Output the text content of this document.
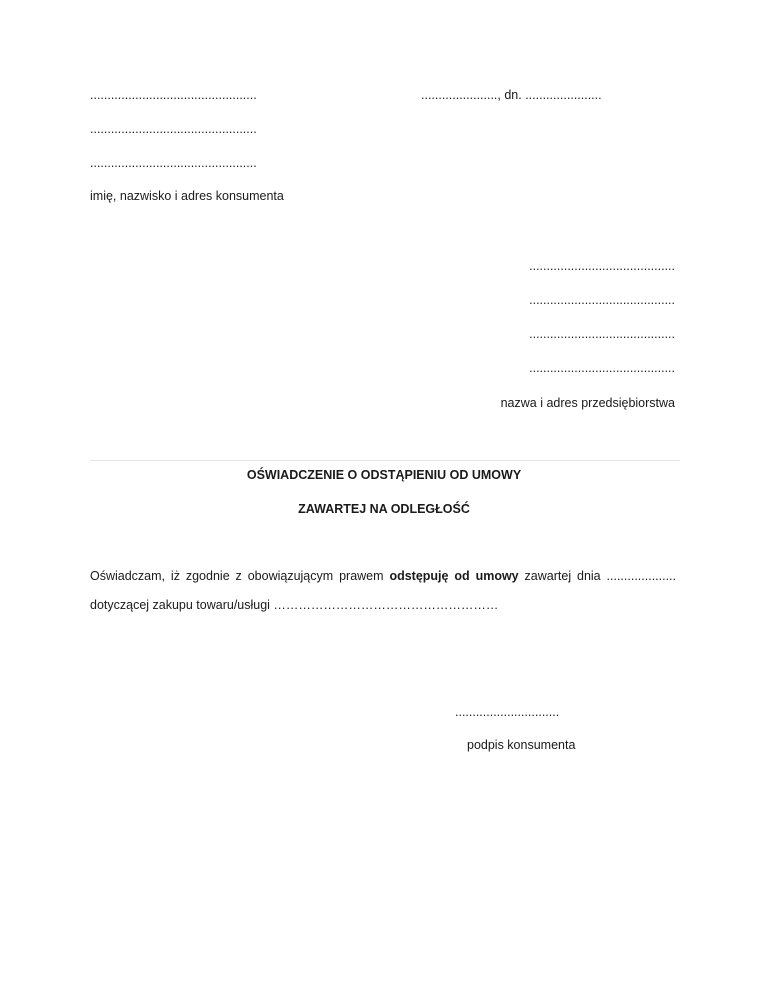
................................................
................................................
................................................
imię, nazwisko i adres konsumenta
......................, dn. ......................
..........................................
..........................................
..........................................
..........................................
nazwa i adres przedsiębiorstwa
OŚWIADCZENIE O ODSTĄPIENIU OD UMOWY
ZAWARTEJ NA ODLEGŁOŚĆ
Oświadczam, iż zgodnie z obowiązującym prawem odstępuję od umowy zawartej dnia ....................
dotyczącej zakupu towaru/usługi ………………………………………………
..............................
podpis konsumenta
